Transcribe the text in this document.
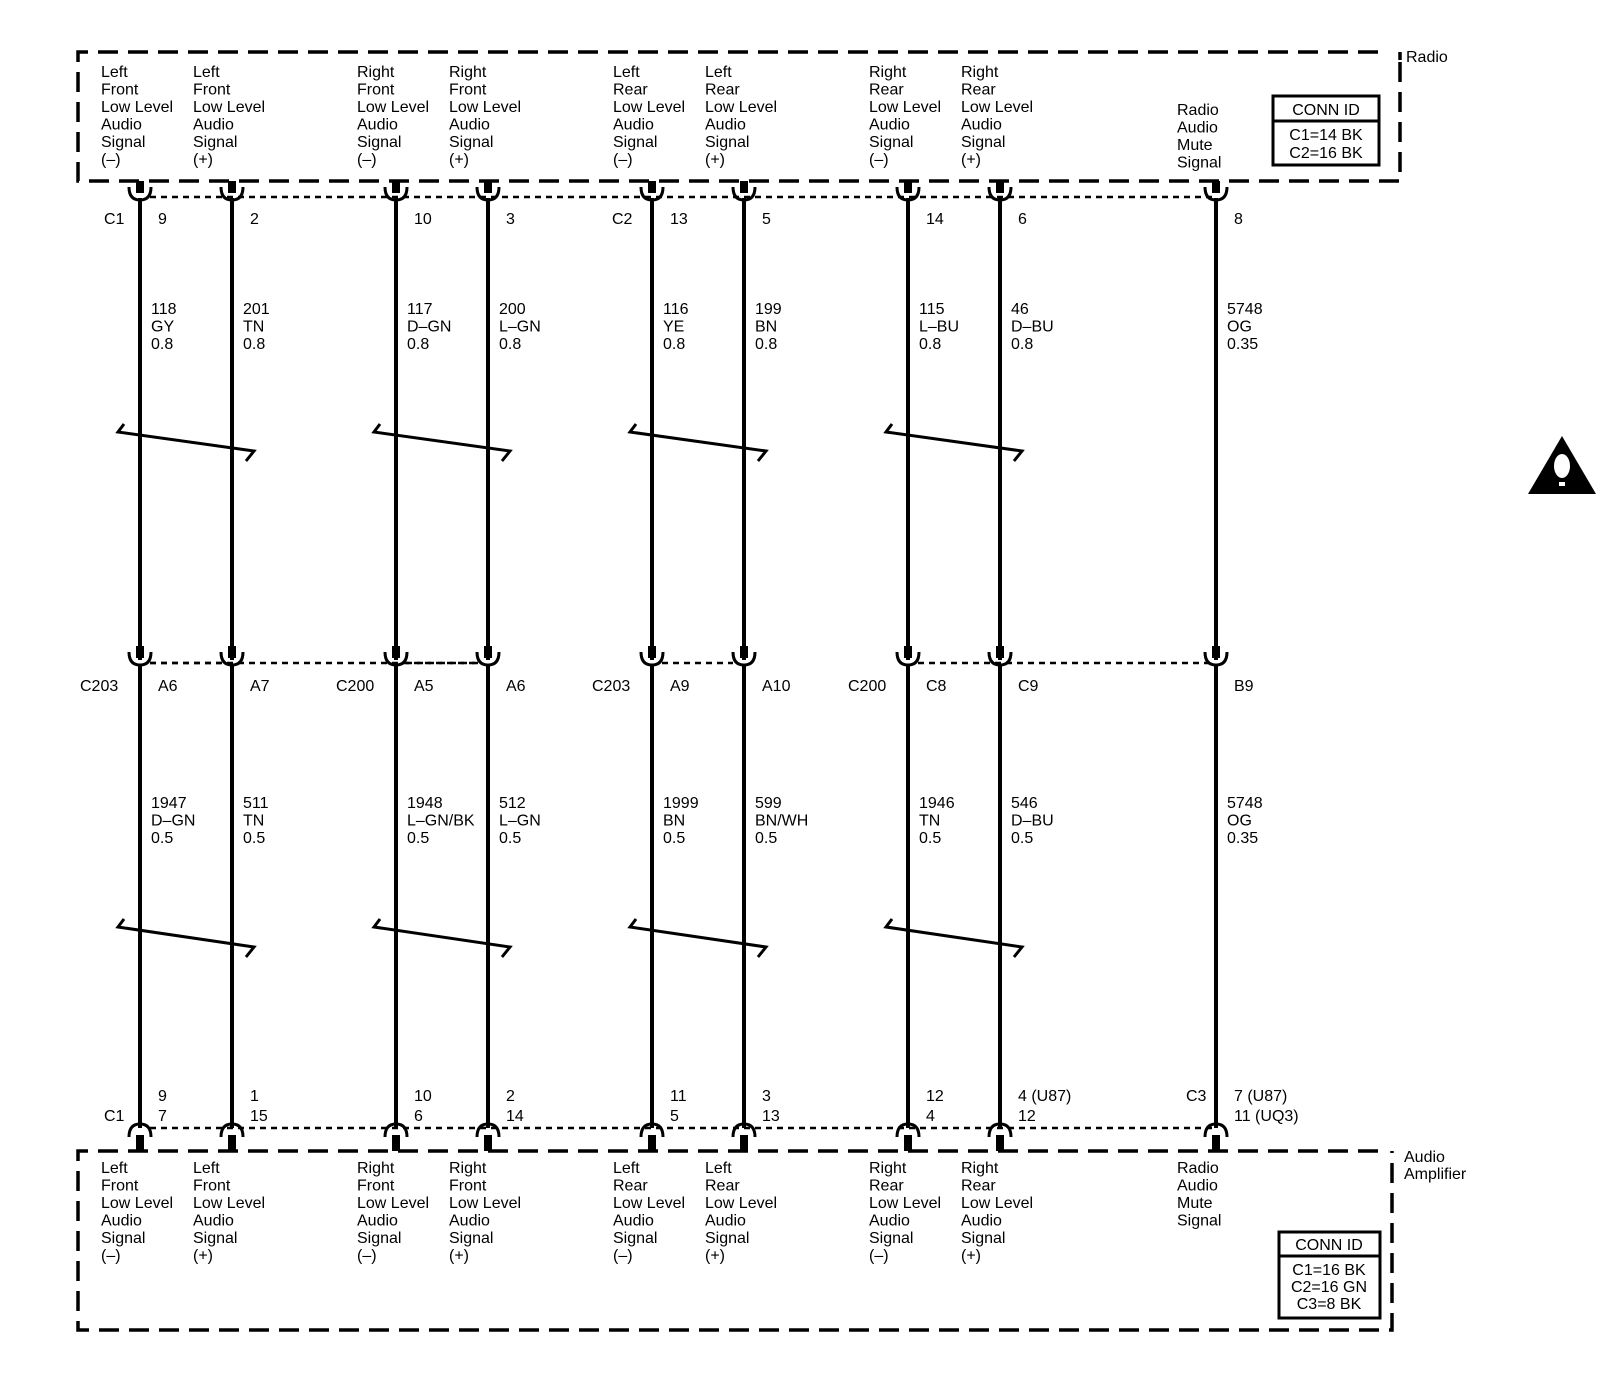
Radio
CONN ID
C1=14 BK
C2=16 BK
Audio
Amplifier
CONN ID
C1=16 BK
C2=16 GN
C3=8 BK
Left
Front
Low Level
Audio
Signal
(–)
Left
Front
Low Level
Audio
Signal
(–)
9
118
GY
0.8
A6
1947
D–GN
0.5
9
7
Left
Front
Low Level
Audio
Signal
(+)
Left
Front
Low Level
Audio
Signal
(+)
2
201
TN
0.8
A7
511
TN
0.5
1
15
Right
Front
Low Level
Audio
Signal
(–)
Right
Front
Low Level
Audio
Signal
(–)
10
117
D–GN
0.8
A5
1948
L–GN/BK
0.5
10
6
Right
Front
Low Level
Audio
Signal
(+)
Right
Front
Low Level
Audio
Signal
(+)
3
200
L–GN
0.8
A6
512
L–GN
0.5
2
14
Left
Rear
Low Level
Audio
Signal
(–)
Left
Rear
Low Level
Audio
Signal
(–)
13
116
YE
0.8
A9
1999
BN
0.5
11
5
Left
Rear
Low Level
Audio
Signal
(+)
Left
Rear
Low Level
Audio
Signal
(+)
5
199
BN
0.8
A10
599
BN/WH
0.5
3
13
Right
Rear
Low Level
Audio
Signal
(–)
Right
Rear
Low Level
Audio
Signal
(–)
14
115
L–BU
0.8
C8
1946
TN
0.5
12
4
Right
Rear
Low Level
Audio
Signal
(+)
Right
Rear
Low Level
Audio
Signal
(+)
6
46
D–BU
0.8
C9
546
D–BU
0.5
4 (U87)
12
Radio
Audio
Mute
Signal
Radio
Audio
Mute
Signal
8
5748
OG
0.35
B9
5748
OG
0.35
7 (U87)
11 (UQ3)
C1	C2
C203	C200	C203	C200
C1
C3
